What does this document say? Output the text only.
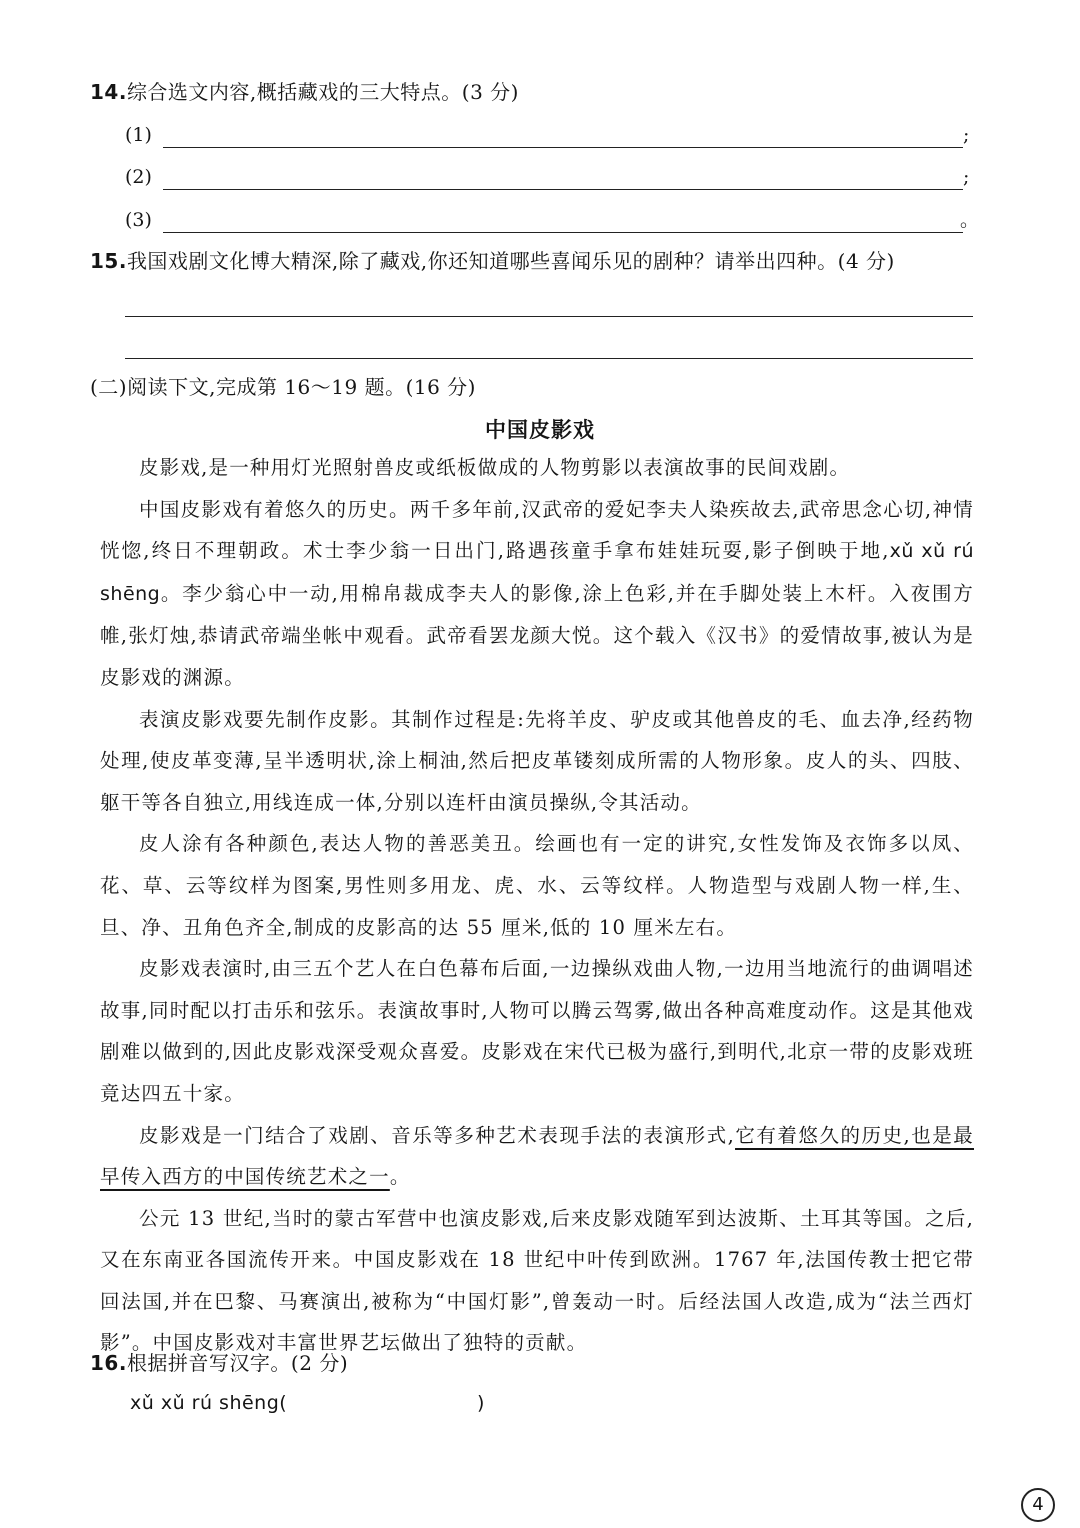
14.综合选文内容,概括藏戏的三大特点。(3 分)
(1)	;
(2)	;
(3)	。
15.我国戏剧文化博大精深,除了藏戏,你还知道哪些喜闻乐见的剧种？请举出四种。(4 分)
(二)阅读下文,完成第 16～19 题。(16 分)
中国皮影戏
皮影戏,是一种用灯光照射兽皮或纸板做成的人物剪影以表演故事的民间戏剧。
中国皮影戏有着悠久的历史。两千多年前,汉武帝的爱妃李夫人染疾故去,武帝思念心切,神情恍惚,终日不理朝政。术士李少翁一日出门,路遇孩童手拿布娃娃玩耍,影子倒映于地,xǔ xǔ rú shēng。李少翁心中一动,用棉帛裁成李夫人的影像,涂上色彩,并在手脚处装上木杆。入夜围方帷,张灯烛,恭请武帝端坐帐中观看。武帝看罢龙颜大悦。这个载入《汉书》的爱情故事,被认为是皮影戏的渊源。
表演皮影戏要先制作皮影。其制作过程是:先将羊皮、驴皮或其他兽皮的毛、血去净,经药物处理,使皮革变薄,呈半透明状,涂上桐油,然后把皮革镂刻成所需的人物形象。皮人的头、四肢、躯干等各自独立,用线连成一体,分别以连杆由演员操纵,令其活动。
皮人涂有各种颜色,表达人物的善恶美丑。绘画也有一定的讲究,女性发饰及衣饰多以凤、花、草、云等纹样为图案,男性则多用龙、虎、水、云等纹样。人物造型与戏剧人物一样,生、旦、净、丑角色齐全,制成的皮影高的达 55 厘米,低的 10 厘米左右。
皮影戏表演时,由三五个艺人在白色幕布后面,一边操纵戏曲人物,一边用当地流行的曲调唱述故事,同时配以打击乐和弦乐。表演故事时,人物可以腾云驾雾,做出各种高难度动作。这是其他戏剧难以做到的,因此皮影戏深受观众喜爱。皮影戏在宋代已极为盛行,到明代,北京一带的皮影戏班竟达四五十家。
皮影戏是一门结合了戏剧、音乐等多种艺术表现手法的表演形式,它有着悠久的历史,也是最早传入西方的中国传统艺术之一。
公元 13 世纪,当时的蒙古军营中也演皮影戏,后来皮影戏随军到达波斯、土耳其等国。之后,又在东南亚各国流传开来。中国皮影戏在 18 世纪中叶传到欧洲。1767 年,法国传教士把它带回法国,并在巴黎、马赛演出,被称为“中国灯影”,曾轰动一时。后经法国人改造,成为“法兰西灯影”。中国皮影戏对丰富世界艺坛做出了独特的贡献。
16.根据拼音写汉字。(2 分)
xǔ xǔ rú shēng(	)
4
